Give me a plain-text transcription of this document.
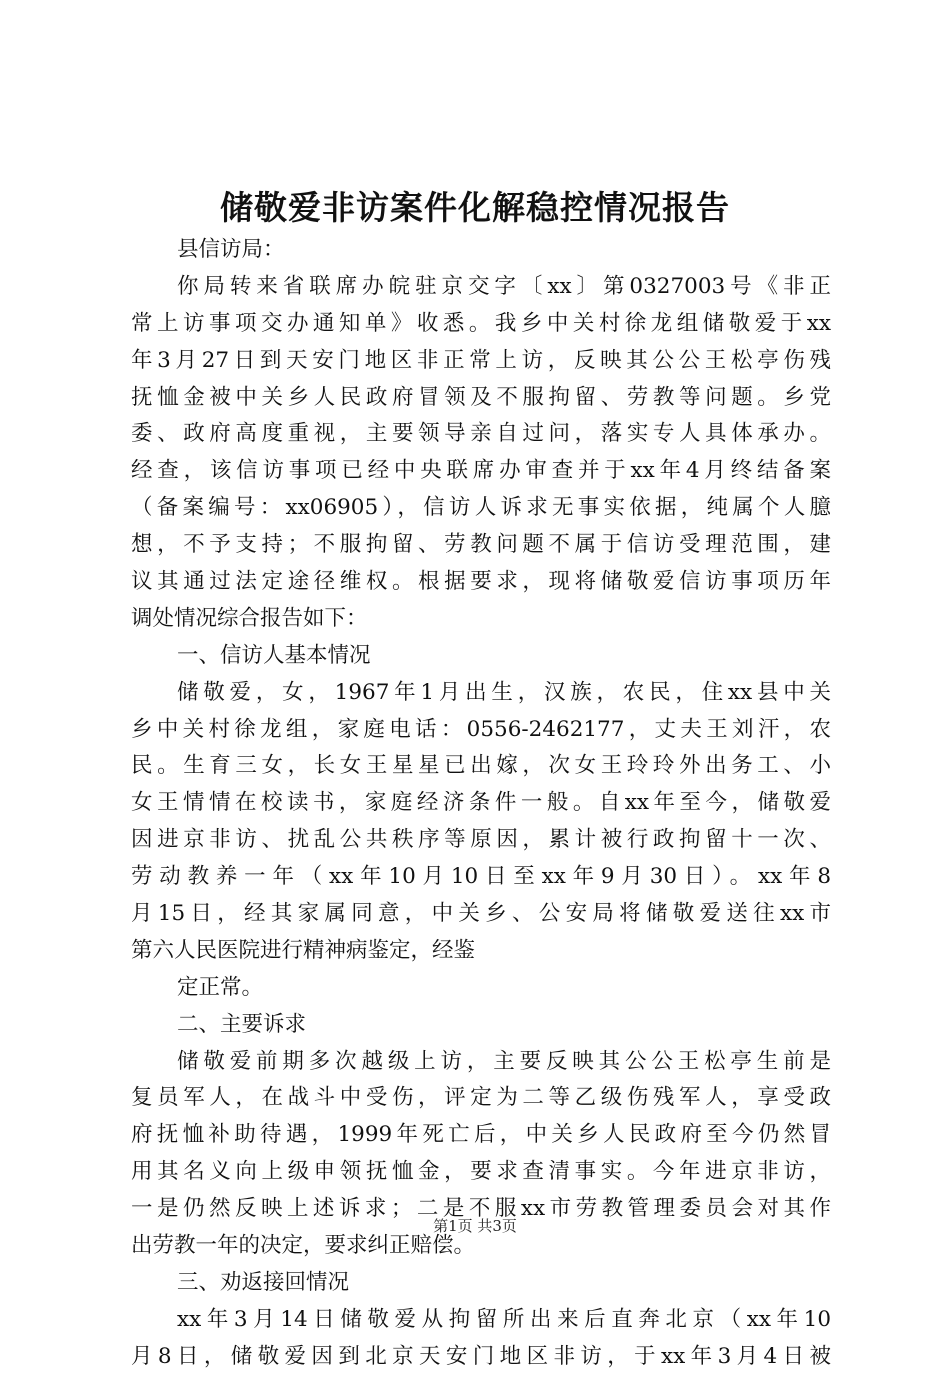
储敬爱非访案件化解稳控情况报告
县信访局：
你局转来省联席办皖驻京交字〔xx〕第0327003号《非正
常上访事项交办通知单》收悉。我乡中关村徐龙组储敬爱于xx
年3月27日到天安门地区非正常上访，反映其公公王松亭伤残
抚恤金被中关乡人民政府冒领及不服拘留、劳教等问题。乡党
委、政府高度重视，主要领导亲自过问，落实专人具体承办。
经查，该信访事项已经中央联席办审查并于xx年4月终结备案
（备案编号：xx06905），信访人诉求无事实依据，纯属个人臆
想，不予支持；不服拘留、劳教问题不属于信访受理范围，建
议其通过法定途径维权。根据要求，现将储敬爱信访事项历年
调处情况综合报告如下：
一、信访人基本情况
储敬爱，女，1967年1月出生，汉族，农民，住xx县中关
乡中关村徐龙组，家庭电话：0556-2462177，丈夫王刘汗，农
民。生育三女，长女王星星已出嫁，次女王玲玲外出务工、小
女王情情在校读书，家庭经济条件一般。自xx年至今，储敬爱
因进京非访、扰乱公共秩序等原因，累计被行政拘留十一次、
劳动教养一年（xx年10月10日至xx年9月30日）。xx年8
月15日，经其家属同意，中关乡、公安局将储敬爱送往xx市
第六人民医院进行精神病鉴定，经鉴
定正常。
二、主要诉求
储敬爱前期多次越级上访，主要反映其公公王松亭生前是
复员军人，在战斗中受伤，评定为二等乙级伤残军人，享受政
府抚恤补助待遇，1999年死亡后，中关乡人民政府至今仍然冒
用其名义向上级申领抚恤金，要求查清事实。今年进京非访，
一是仍然反映上述诉求；二是不服xx市劳教管理委员会对其作
出劳教一年的决定，要求纠正赔偿。
三、劝返接回情况
xx年3月14日储敬爱从拘留所出来后直奔北京（xx年10
月8日，储敬爱因到北京天安门地区非访，于xx年3月4日被
第1页 共3页
